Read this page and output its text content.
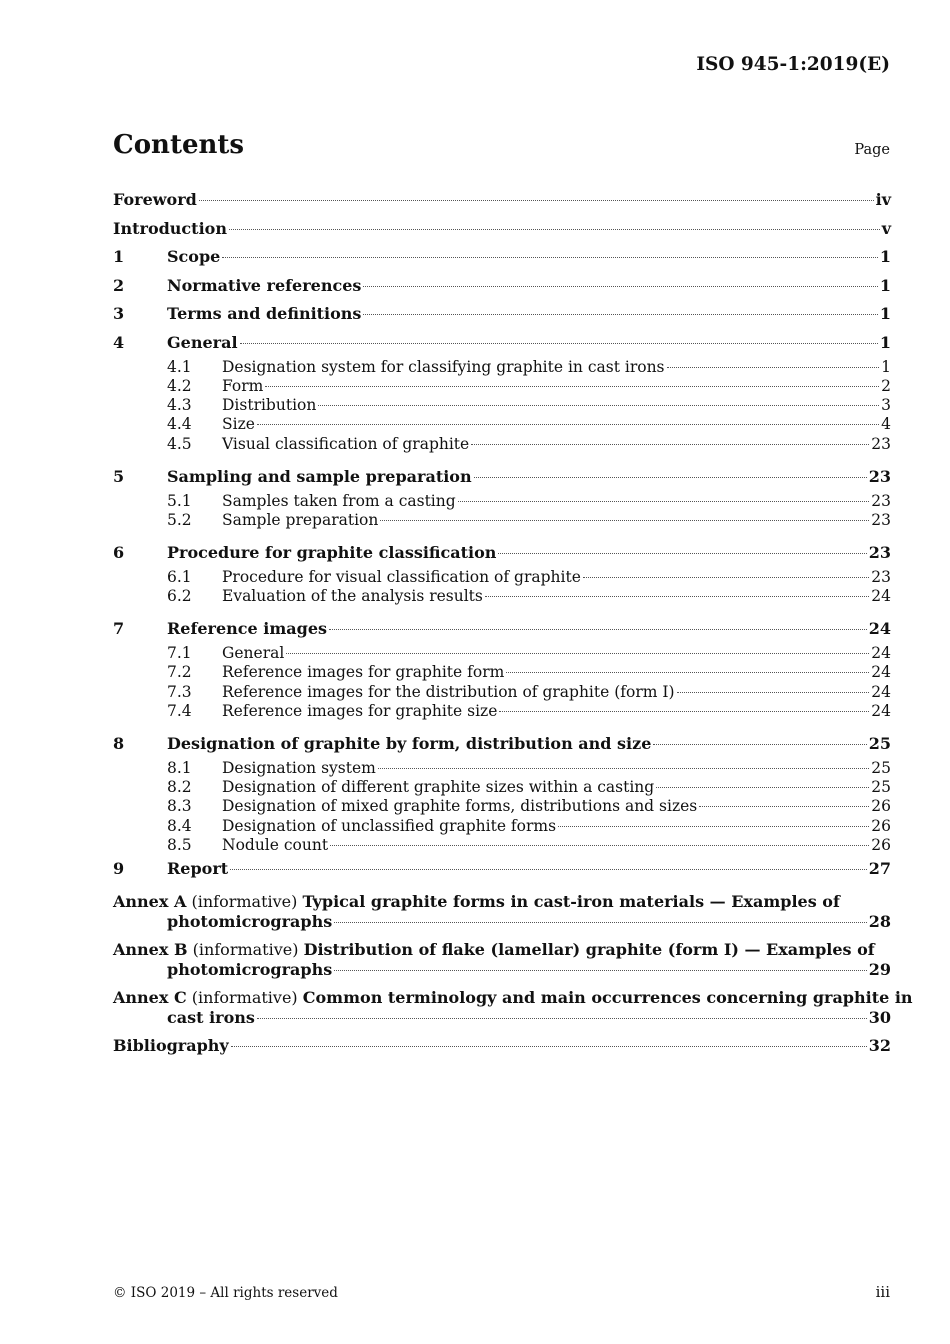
ISO 945-1:2019(E)
Contents	Page
Foreword	iv
Introduction	v
1	Scope	1
2	Normative references	1
3	Terms and definitions	1
4	General	1
4.1	Designation system for classifying graphite in cast irons	1
4.2	Form	2
4.3	Distribution	3
4.4	Size	4
4.5	Visual classification of graphite	23
5	Sampling and sample preparation	23
5.1	Samples taken from a casting	23
5.2	Sample preparation	23
6	Procedure for graphite classification	23
6.1	Procedure for visual classification of graphite	23
6.2	Evaluation of the analysis results	24
7	Reference images	24
7.1	General	24
7.2	Reference images for graphite form	24
7.3	Reference images for the distribution of graphite (form I)	24
7.4	Reference images for graphite size	24
8	Designation of graphite by form, distribution and size	25
8.1	Designation system	25
8.2	Designation of different graphite sizes within a casting	25
8.3	Designation of mixed graphite forms, distributions and sizes	26
8.4	Designation of unclassified graphite forms	26
8.5	Nodule count	26
9	Report	27
Annex A (informative) Typical graphite forms in cast-iron materials — Examples of
photomicrographs	28
Annex B (informative) Distribution of flake (lamellar) graphite (form I) — Examples of
photomicrographs	29
Annex C (informative) Common terminology and main occurrences concerning graphite in
cast irons	30
Bibliography	32
© ISO 2019 – All rights reserved	iii
